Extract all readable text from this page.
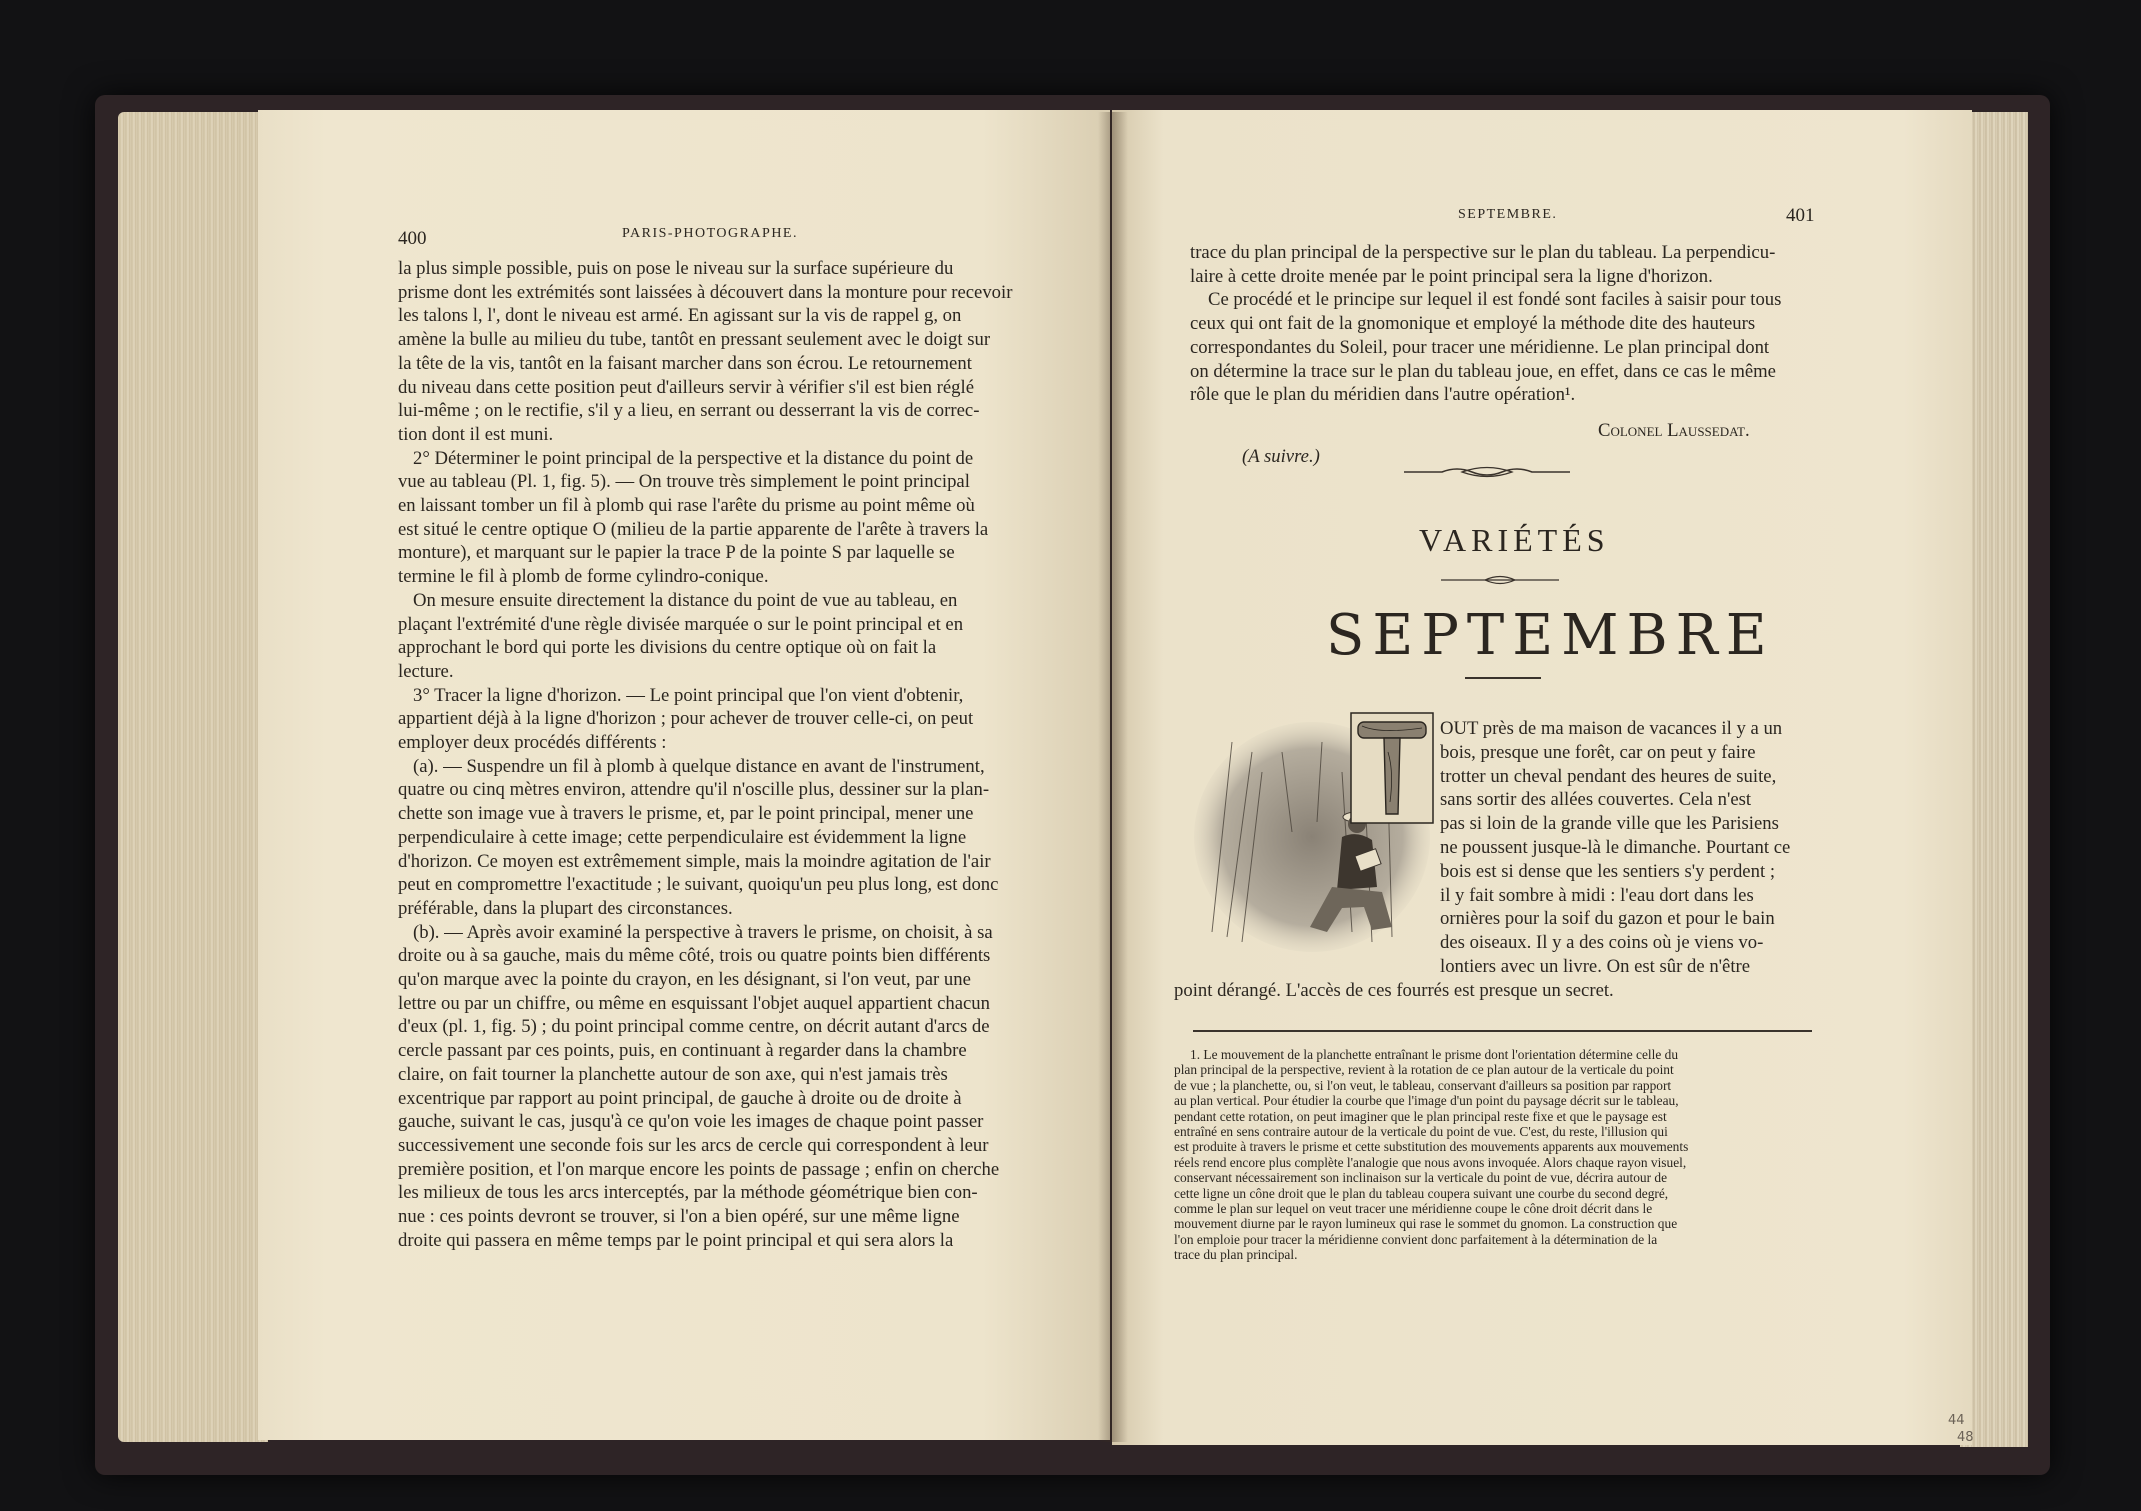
400	PARIS-PHOTOGRAPHE.
la plus simple possible, puis on pose le niveau sur la surface supérieure du
prisme dont les extrémités sont laissées à découvert dans la monture pour recevoir
les talons l, l', dont le niveau est armé. En agissant sur la vis de rappel g, on
amène la bulle au milieu du tube, tantôt en pressant seulement avec le doigt sur
la tête de la vis, tantôt en la faisant marcher dans son écrou. Le retournement
du niveau dans cette position peut d'ailleurs servir à vérifier s'il est bien réglé
lui-même ; on le rectifie, s'il y a lieu, en serrant ou desserrant la vis de correc-
tion dont il est muni.
2° Déterminer le point principal de la perspective et la distance du point de
vue au tableau (Pl. 1, fig. 5). — On trouve très simplement le point principal
en laissant tomber un fil à plomb qui rase l'arête du prisme au point même où
est situé le centre optique O (milieu de la partie apparente de l'arête à travers la
monture), et marquant sur le papier la trace P de la pointe S par laquelle se
termine le fil à plomb de forme cylindro-conique.
On mesure ensuite directement la distance du point de vue au tableau, en
plaçant l'extrémité d'une règle divisée marquée o sur le point principal et en
approchant le bord qui porte les divisions du centre optique où on fait la
lecture.
3° Tracer la ligne d'horizon. — Le point principal que l'on vient d'obtenir,
appartient déjà à la ligne d'horizon ; pour achever de trouver celle-ci, on peut
employer deux procédés différents :
(a). — Suspendre un fil à plomb à quelque distance en avant de l'instrument,
quatre ou cinq mètres environ, attendre qu'il n'oscille plus, dessiner sur la plan-
chette son image vue à travers le prisme, et, par le point principal, mener une
perpendiculaire à cette image; cette perpendiculaire est évidemment la ligne
d'horizon. Ce moyen est extrêmement simple, mais la moindre agitation de l'air
peut en compromettre l'exactitude ; le suivant, quoiqu'un peu plus long, est donc
préférable, dans la plupart des circonstances.
(b). — Après avoir examiné la perspective à travers le prisme, on choisit, à sa
droite ou à sa gauche, mais du même côté, trois ou quatre points bien différents
qu'on marque avec la pointe du crayon, en les désignant, si l'on veut, par une
lettre ou par un chiffre, ou même en esquissant l'objet auquel appartient chacun
d'eux (pl. 1, fig. 5) ; du point principal comme centre, on décrit autant d'arcs de
cercle passant par ces points, puis, en continuant à regarder dans la chambre
claire, on fait tourner la planchette autour de son axe, qui n'est jamais très
excentrique par rapport au point principal, de gauche à droite ou de droite à
gauche, suivant le cas, jusqu'à ce qu'on voie les images de chaque point passer
successivement une seconde fois sur les arcs de cercle qui correspondent à leur
première position, et l'on marque encore les points de passage ; enfin on cherche
les milieux de tous les arcs interceptés, par la méthode géométrique bien con-
nue : ces points devront se trouver, si l'on a bien opéré, sur une même ligne
droite qui passera en même temps par le point principal et qui sera alors la
SEPTEMBRE.	401
trace du plan principal de la perspective sur le plan du tableau. La perpendicu-
laire à cette droite menée par le point principal sera la ligne d'horizon.
Ce procédé et le principe sur lequel il est fondé sont faciles à saisir pour tous
ceux qui ont fait de la gnomonique et employé la méthode dite des hauteurs
correspondantes du Soleil, pour tracer une méridienne. Le plan principal dont
on détermine la trace sur le plan du tableau joue, en effet, dans ce cas le même
rôle que le plan du méridien dans l'autre opération¹.
Colonel Laussedat.
(A suivre.)
VARIÉTÉS
SEPTEMBRE
T
OUT près de ma maison de vacances il y a un
bois, presque une forêt, car on peut y faire
trotter un cheval pendant des heures de suite,
sans sortir des allées couvertes. Cela n'est
pas si loin de la grande ville que les Parisiens
ne poussent jusque-là le dimanche. Pourtant ce
bois est si dense que les sentiers s'y perdent ;
il y fait sombre à midi : l'eau dort dans les
ornières pour la soif du gazon et pour le bain
des oiseaux. Il y a des coins où je viens vo-
lontiers avec un livre. On est sûr de n'être
point dérangé. L'accès de ces fourrés est presque un secret.
1. Le mouvement de la planchette entraînant le prisme dont l'orientation détermine celle du
plan principal de la perspective, revient à la rotation de ce plan autour de la verticale du point
de vue ; la planchette, ou, si l'on veut, le tableau, conservant d'ailleurs sa position par rapport
au plan vertical. Pour étudier la courbe que l'image d'un point du paysage décrit sur le tableau,
pendant cette rotation, on peut imaginer que le plan principal reste fixe et que le paysage est
entraîné en sens contraire autour de la verticale du point de vue. C'est, du reste, l'illusion qui
est produite à travers le prisme et cette substitution des mouvements apparents aux mouvements
réels rend encore plus complète l'analogie que nous avons invoquée. Alors chaque rayon visuel,
conservant nécessairement son inclinaison sur la verticale du point de vue, décrira autour de
cette ligne un cône droit que le plan du tableau coupera suivant une courbe du second degré,
comme le plan sur lequel on veut tracer une méridienne coupe le cône droit décrit dans le
mouvement diurne par le rayon lumineux qui rase le sommet du gnomon. La construction que
l'on emploie pour tracer la méridienne convient donc parfaitement à la détermination de la
trace du plan principal.
44
48
